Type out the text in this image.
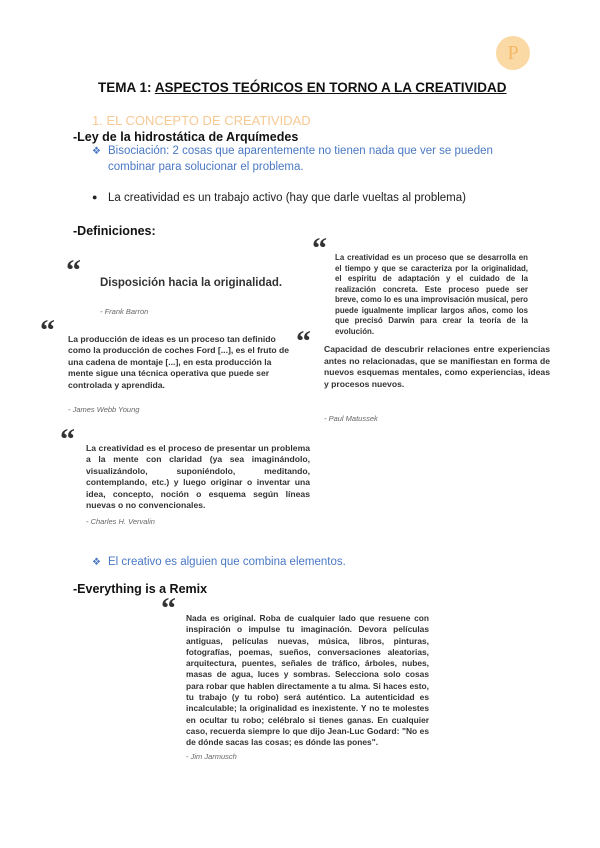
P
TEMA 1: ASPECTOS TEÓRICOS EN TORNO A LA CREATIVIDAD
1. EL CONCEPTO DE CREATIVIDAD
-Ley de la hidrostática de Arquímedes
❖ Bisociación: 2 cosas que aparentemente no tienen nada que ver se pueden combinar para solucionar el problema.
● La creatividad es un trabajo activo (hay que darle vueltas al problema)
-Definiciones:
“ Disposición hacia la originalidad.
- Frank Barron
“ La producción de ideas es un proceso tan definido como la producción de coches Ford [...], es el fruto de una cadena de montaje [...], en esta producción la mente sigue una técnica operativa que puede ser controlada y aprendida.
- James Webb Young
“ La creatividad es el proceso de presentar un problema a la mente con claridad (ya sea imaginándolo, visualizándolo, suponiéndolo, meditando, contemplando, etc.) y luego originar o inventar una idea, concepto, noción o esquema según líneas nuevas o no convencionales.
- Charles H. Vervalin
“ La creatividad es un proceso que se desarrolla en el tiempo y que se caracteriza por la originalidad, el espíritu de adaptación y el cuidado de la realización concreta. Este proceso puede ser breve, como lo es una improvisación musical, pero puede igualmente implicar largos años, como los que precisó Darwin para crear la teoría de la evolución.
“ Capacidad de descubrir relaciones entre experiencias antes no relacionadas, que se manifiestan en forma de nuevos esquemas mentales, como experiencias, ideas y procesos nuevos.
- Paul Matussek
❖ El creativo es alguien que combina elementos.
-Everything is a Remix
“ Nada es original. Roba de cualquier lado que resuene con inspiración o impulse tu imaginación. Devora películas antiguas, películas nuevas, música, libros, pinturas, fotografías, poemas, sueños, conversaciones aleatorias, arquitectura, puentes, señales de tráfico, árboles, nubes, masas de agua, luces y sombras. Selecciona solo cosas para robar que hablen directamente a tu alma. Si haces esto, tu trabajo (y tu robo) será auténtico. La autenticidad es incalculable; la originalidad es inexistente. Y no te molestes en ocultar tu robo; celébralo si tienes ganas. En cualquier caso, recuerda siempre lo que dijo Jean-Luc Godard: "No es de dónde sacas las cosas; es dónde las pones".
- Jim Jarmusch
